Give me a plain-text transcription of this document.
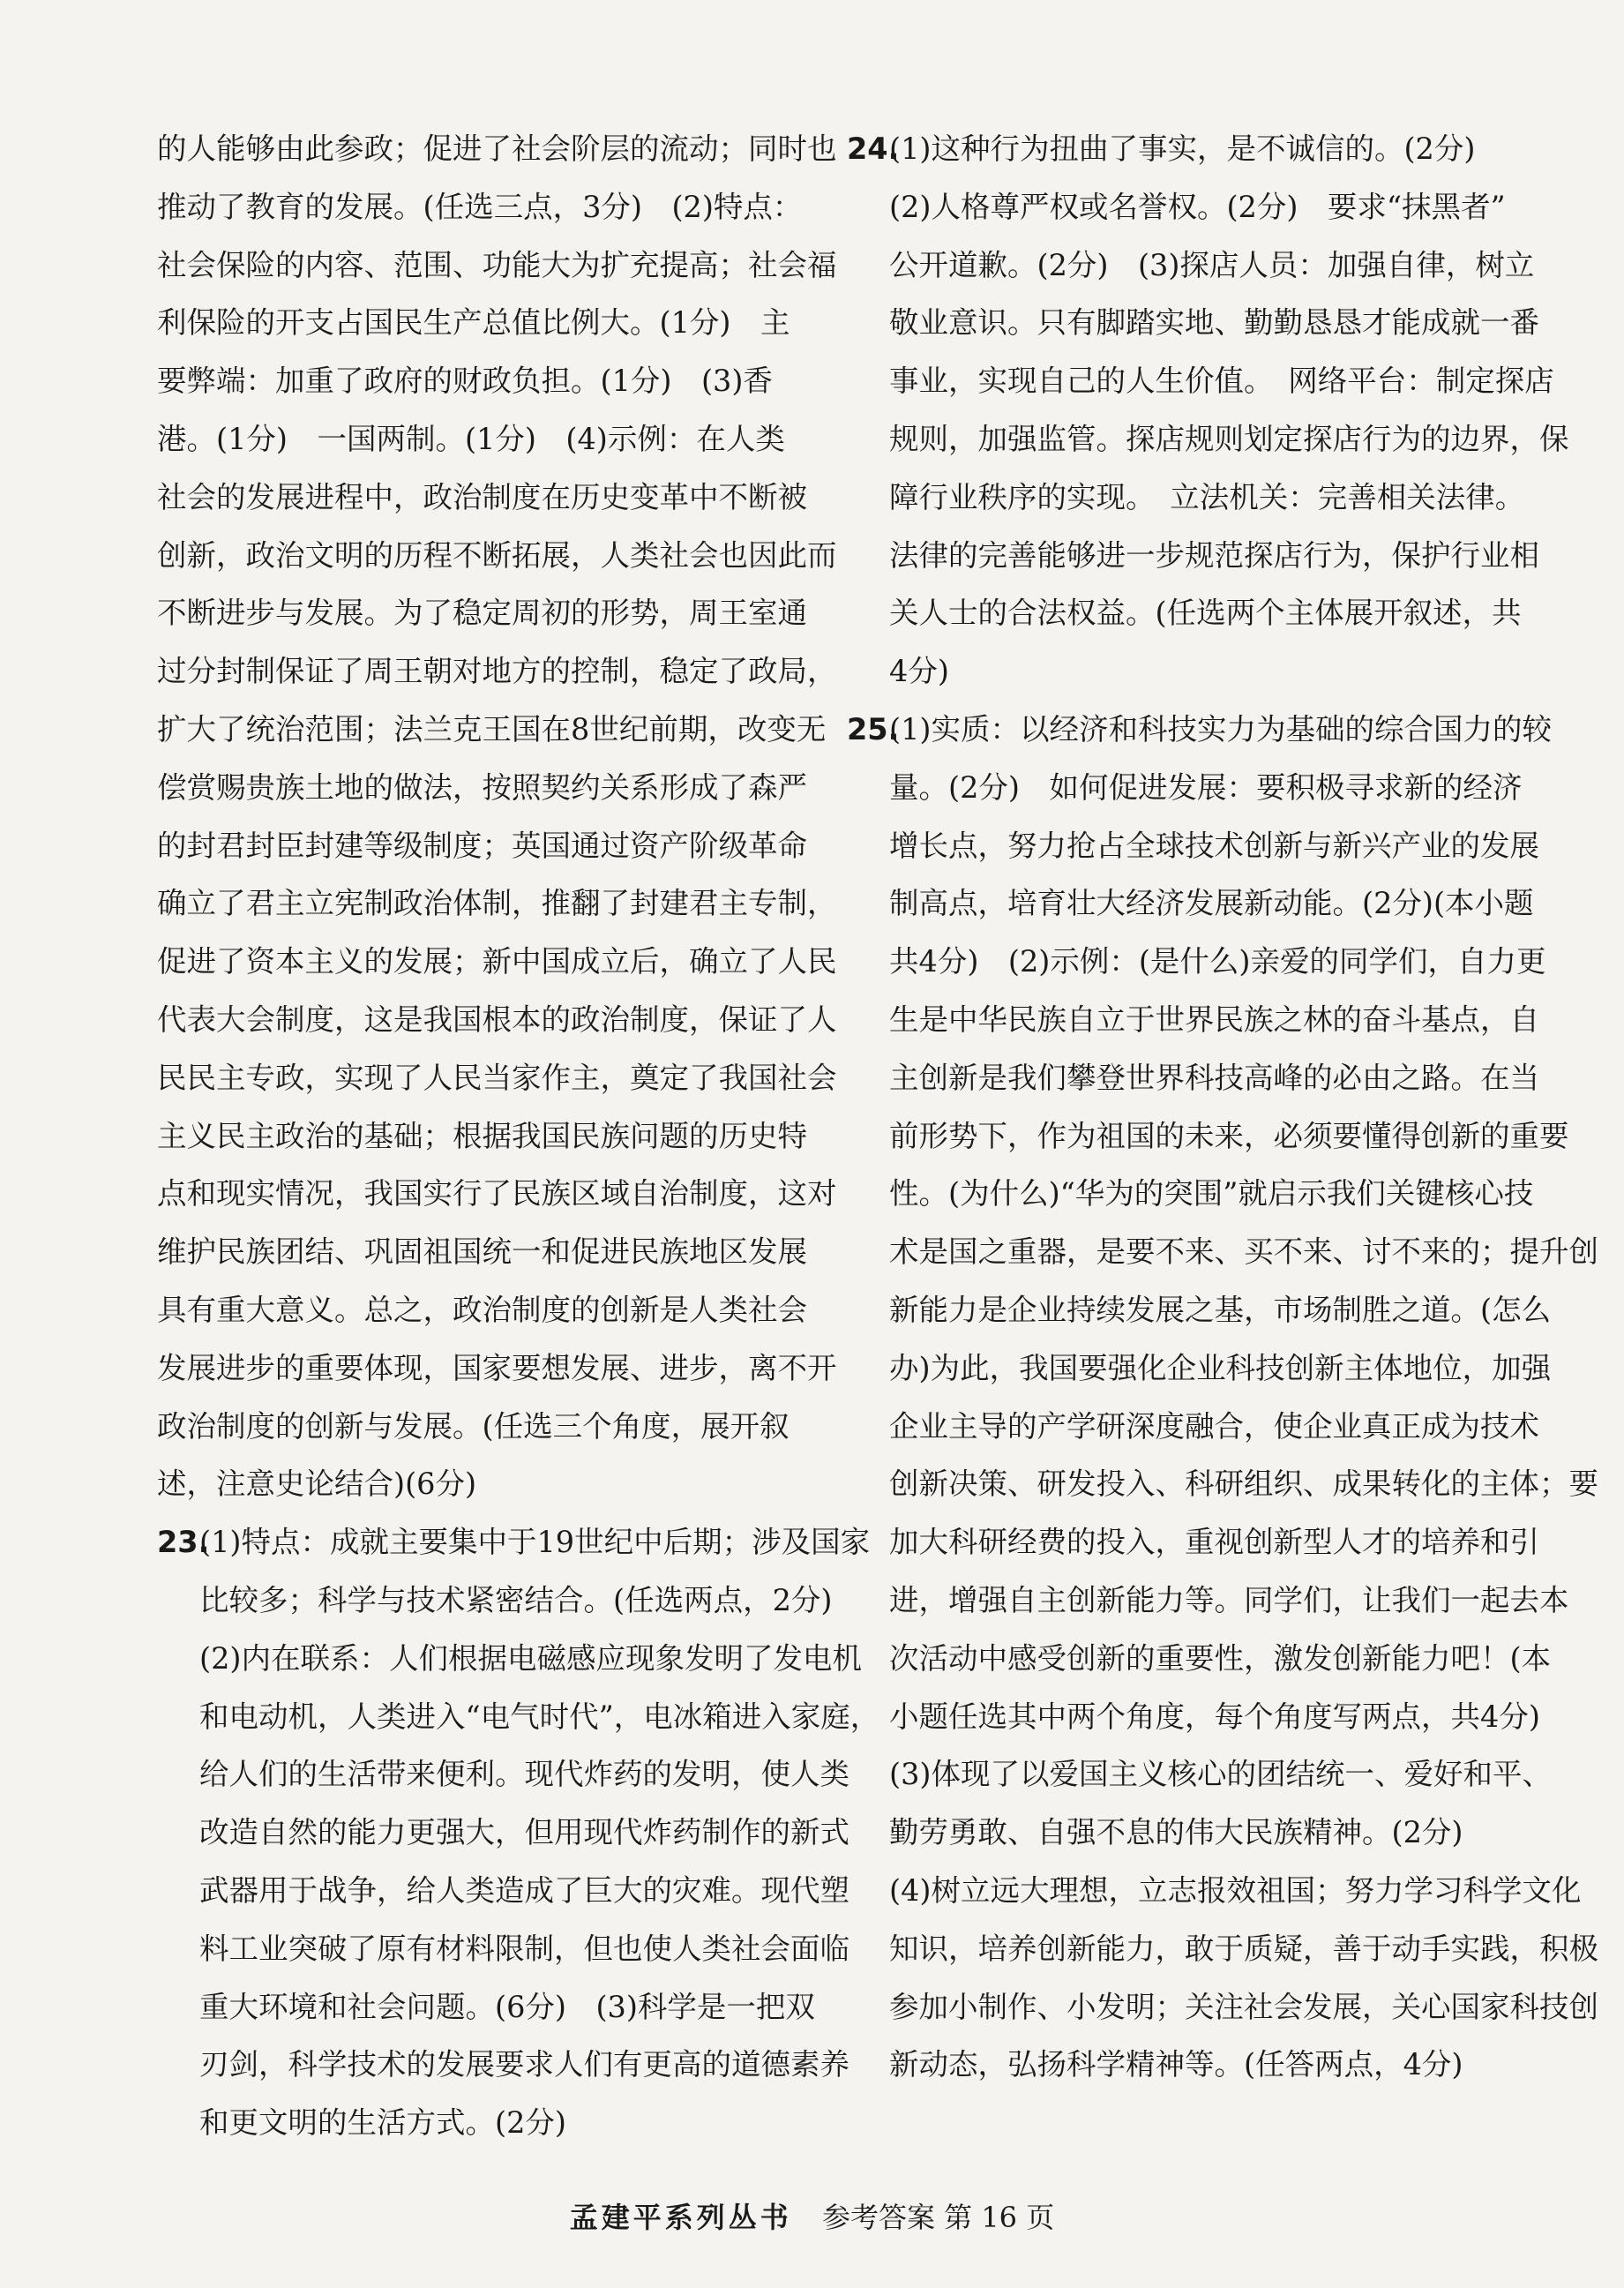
的人能够由此参政；促进了社会阶层的流动；同时也
推动了教育的发展。(任选三点，3分)　(2)特点：
社会保险的内容、范围、功能大为扩充提高；社会福
利保险的开支占国民生产总值比例大。(1分)　主
要弊端：加重了政府的财政负担。(1分)　(3)香
港。(1分)　一国两制。(1分)　(4)示例：在人类
社会的发展进程中，政治制度在历史变革中不断被
创新，政治文明的历程不断拓展，人类社会也因此而
不断进步与发展。为了稳定周初的形势，周王室通
过分封制保证了周王朝对地方的控制，稳定了政局，
扩大了统治范围；法兰克王国在8世纪前期，改变无
偿赏赐贵族土地的做法，按照契约关系形成了森严
的封君封臣封建等级制度；英国通过资产阶级革命
确立了君主立宪制政治体制，推翻了封建君主专制，
促进了资本主义的发展；新中国成立后，确立了人民
代表大会制度，这是我国根本的政治制度，保证了人
民民主专政，实现了人民当家作主，奠定了我国社会
主义民主政治的基础；根据我国民族问题的历史特
点和现实情况，我国实行了民族区域自治制度，这对
维护民族团结、巩固祖国统一和促进民族地区发展
具有重大意义。总之，政治制度的创新是人类社会
发展进步的重要体现，国家要想发展、进步，离不开
政治制度的创新与发展。(任选三个角度，展开叙
述，注意史论结合)(6分)
23.(1)特点：成就主要集中于19世纪中后期；涉及国家
比较多；科学与技术紧密结合。(任选两点，2分)
(2)内在联系：人们根据电磁感应现象发明了发电机
和电动机，人类进入“电气时代”，电冰箱进入家庭，
给人们的生活带来便利。现代炸药的发明，使人类
改造自然的能力更强大，但用现代炸药制作的新式
武器用于战争，给人类造成了巨大的灾难。现代塑
料工业突破了原有材料限制，但也使人类社会面临
重大环境和社会问题。(6分)　(3)科学是一把双
刃剑，科学技术的发展要求人们有更高的道德素养
和更文明的生活方式。(2分)
24.(1)这种行为扭曲了事实，是不诚信的。(2分)
(2)人格尊严权或名誉权。(2分)　要求“抹黑者”
公开道歉。(2分)　(3)探店人员：加强自律，树立
敬业意识。只有脚踏实地、勤勤恳恳才能成就一番
事业，实现自己的人生价值。　网络平台：制定探店
规则，加强监管。探店规则划定探店行为的边界，保
障行业秩序的实现。　立法机关：完善相关法律。
法律的完善能够进一步规范探店行为，保护行业相
关人士的合法权益。(任选两个主体展开叙述，共
4分)
25.(1)实质：以经济和科技实力为基础的综合国力的较
量。(2分)　如何促进发展：要积极寻求新的经济
增长点，努力抢占全球技术创新与新兴产业的发展
制高点，培育壮大经济发展新动能。(2分)(本小题
共4分)　(2)示例：(是什么)亲爱的同学们，自力更
生是中华民族自立于世界民族之林的奋斗基点，自
主创新是我们攀登世界科技高峰的必由之路。在当
前形势下，作为祖国的未来，必须要懂得创新的重要
性。(为什么)“华为的突围”就启示我们关键核心技
术是国之重器，是要不来、买不来、讨不来的；提升创
新能力是企业持续发展之基，市场制胜之道。(怎么
办)为此，我国要强化企业科技创新主体地位，加强
企业主导的产学研深度融合，使企业真正成为技术
创新决策、研发投入、科研组织、成果转化的主体；要
加大科研经费的投入，重视创新型人才的培养和引
进，增强自主创新能力等。同学们，让我们一起去本
次活动中感受创新的重要性，激发创新能力吧！(本
小题任选其中两个角度，每个角度写两点，共4分)
(3)体现了以爱国主义核心的团结统一、爱好和平、
勤劳勇敢、自强不息的伟大民族精神。(2分)
(4)树立远大理想，立志报效祖国；努力学习科学文化
知识，培养创新能力，敢于质疑，善于动手实践，积极
参加小制作、小发明；关注社会发展，关心国家科技创
新动态，弘扬科学精神等。(任答两点，4分)
孟建平系列丛书 参考答案 第 16 页
